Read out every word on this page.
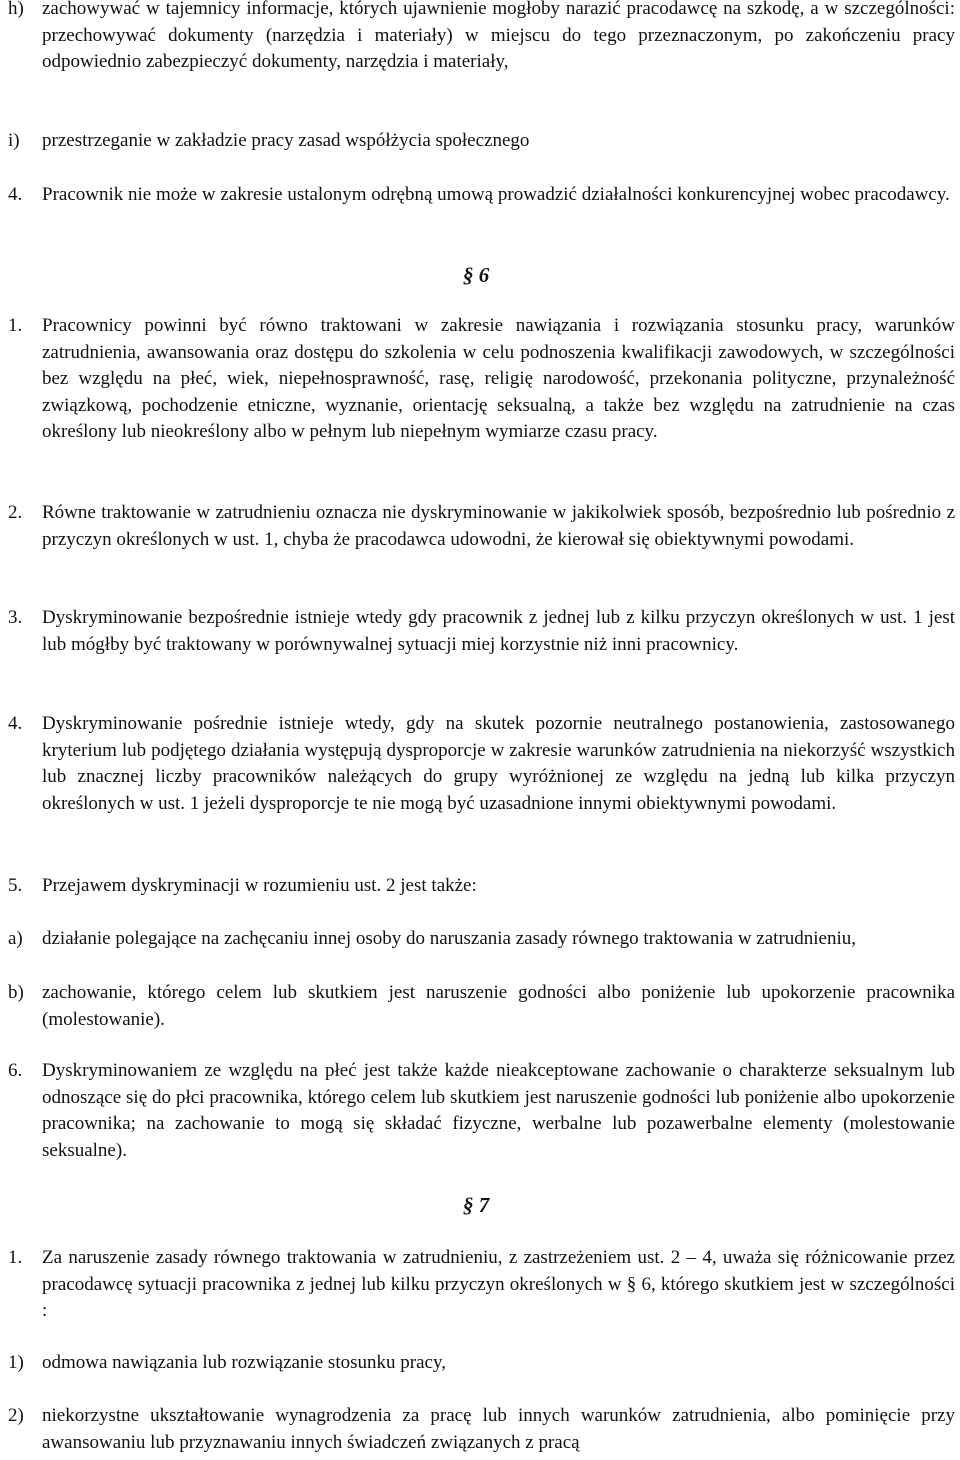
h) zachowywać w tajemnicy informacje, których ujawnienie mogłoby narazić pracodawcę na szkodę, a w szczególności: przechowywać dokumenty (narzędzia i materiały) w miejscu do tego przeznaczonym, po zakończeniu pracy odpowiednio zabezpieczyć dokumenty, narzędzia i materiały,
i) przestrzeganie w zakładzie pracy zasad współżycia społecznego
4. Pracownik nie może w zakresie ustalonym odrębną umową prowadzić działalności konkurencyjnej wobec pracodawcy.
§ 6
1. Pracownicy powinni być równo traktowani w zakresie nawiązania i rozwiązania stosunku pracy, warunków zatrudnienia, awansowania oraz dostępu do szkolenia w celu podnoszenia kwalifikacji zawodowych, w szczególności bez względu na płeć, wiek, niepełnosprawność, rasę, religię narodowość, przekonania polityczne, przynależność związkową, pochodzenie etniczne, wyznanie, orientację seksualną, a także bez względu na zatrudnienie na czas określony lub nieokreślony albo w pełnym lub niepełnym wymiarze czasu pracy.
2. Równe traktowanie w zatrudnieniu oznacza nie dyskryminowanie w jakikolwiek sposób, bezpośrednio lub pośrednio z przyczyn określonych w ust. 1, chyba że pracodawca udowodni, że kierował się obiektywnymi powodami.
3. Dyskryminowanie bezpośrednie istnieje wtedy gdy pracownik z jednej lub z kilku przyczyn określonych w ust. 1 jest lub mógłby być traktowany w porównywalnej sytuacji miej korzystnie niż inni pracownicy.
4. Dyskryminowanie pośrednie istnieje wtedy, gdy na skutek pozornie neutralnego postanowienia, zastosowanego kryterium lub podjętego działania występują dysproporcje w zakresie warunków zatrudnienia na niekorzyść wszystkich lub znacznej liczby pracowników należących do grupy wyróżnionej ze względu na jedną lub kilka przyczyn określonych w ust. 1 jeżeli dysproporcje te nie mogą być uzasadnione innymi obiektywnymi powodami.
5. Przejawem dyskryminacji w rozumieniu ust. 2 jest także:
a) działanie polegające na zachęcaniu innej osoby do naruszania zasady równego traktowania w zatrudnieniu,
b) zachowanie, którego celem lub skutkiem jest naruszenie godności albo poniżenie lub upokorzenie pracownika (molestowanie).
6. Dyskryminowaniem ze względu na płeć jest także każde nieakceptowane zachowanie o charakterze seksualnym lub odnoszące się do płci pracownika, którego celem lub skutkiem jest naruszenie godności lub poniżenie albo upokorzenie pracownika; na zachowanie to mogą się składać fizyczne, werbalne lub pozawerbalne elementy (molestowanie seksualne).
§ 7
1. Za naruszenie zasady równego traktowania w zatrudnieniu, z zastrzeżeniem ust. 2 – 4, uważa się różnicowanie przez pracodawcę sytuacji pracownika z jednej lub kilku przyczyn określonych w § 6, którego skutkiem jest w szczególności :
1) odmowa nawiązania lub rozwiązanie stosunku pracy,
2) niekorzystne ukształtowanie wynagrodzenia za pracę lub innych warunków zatrudnienia, albo pominięcie przy awansowaniu lub przyznawaniu innych świadczeń związanych z pracą
